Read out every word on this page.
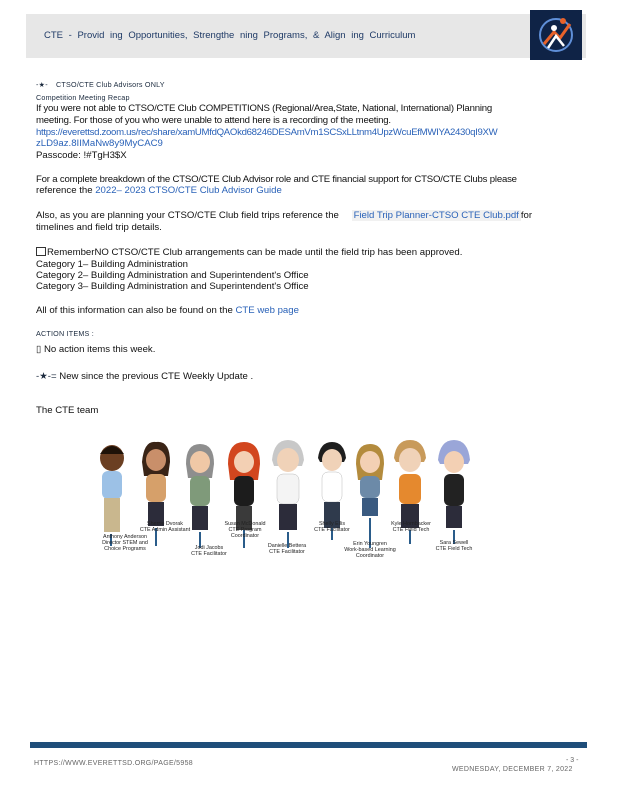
CTE - Provid ing Opportunities, Strengthe ning Programs, & Align ing Curriculum
-★- CTSO/CTE Club Advisors ONLY
Competition Meeting Recap
If you were not able to CTSO/CTE Club COMPETITIONS (Regional/Area,State, National, International) Planning
meeting. For those of you who were unable to attend here is a recording of the meeting.
https://everettsd.zoom.us/rec/share/xamUMfdQAOkd68246DESAmVm1SCSxLLtnm4UpzWcuEfMWIYA2430qI9XW
zLD9az.8IIMaNw8y9MyCAC9
Passcode: !#TgH3$X
For a complete breakdown of the CTSO/CTE Club Advisor role and CTE financial support for CTSO/CTE Clubs please
reference the 2022– 2023 CTSO/CTE Club Advisor Guide
Also, as you are planning your CTSO/CTE Club field trips reference the Field Trip Planner-CTSO CTE Club.pdf for
timelines and field trip details.
RememberNO CTSO/CTE Club arrangements can be made until the field trip has been approved.
Category 1– Building Administration
Category 2– Building Administration and Superintendent's Office
Category 3– Building Administration and Superintendent's Office
All of this information can also be found on the CTE web page
ACTION ITEMS :
▯ No action items this week.
-★-= New since the previous CTE Weekly Update .
The CTE team
Anthony Anderson
Director STEM and Choice Programs
Sherrie Dvorak
CTE Admin Assistant
Jodi Jacobs
CTE Facilitator
Susan McDonald
CTE Program Coordinator
Danielle Bettera
CTE Facilitator
Shelly Ellis
CTE Facilitator
Erin Youngren
Work-based Learning Coordinator
Kyle Hornbacker
CTE Field Tech
Sara Sewell
CTE Field Tech
HTTPS://WWW.EVERETTSD.ORG/PAGE/5958	- 3 -
WEDNESDAY, DECEMBER 7, 2022
